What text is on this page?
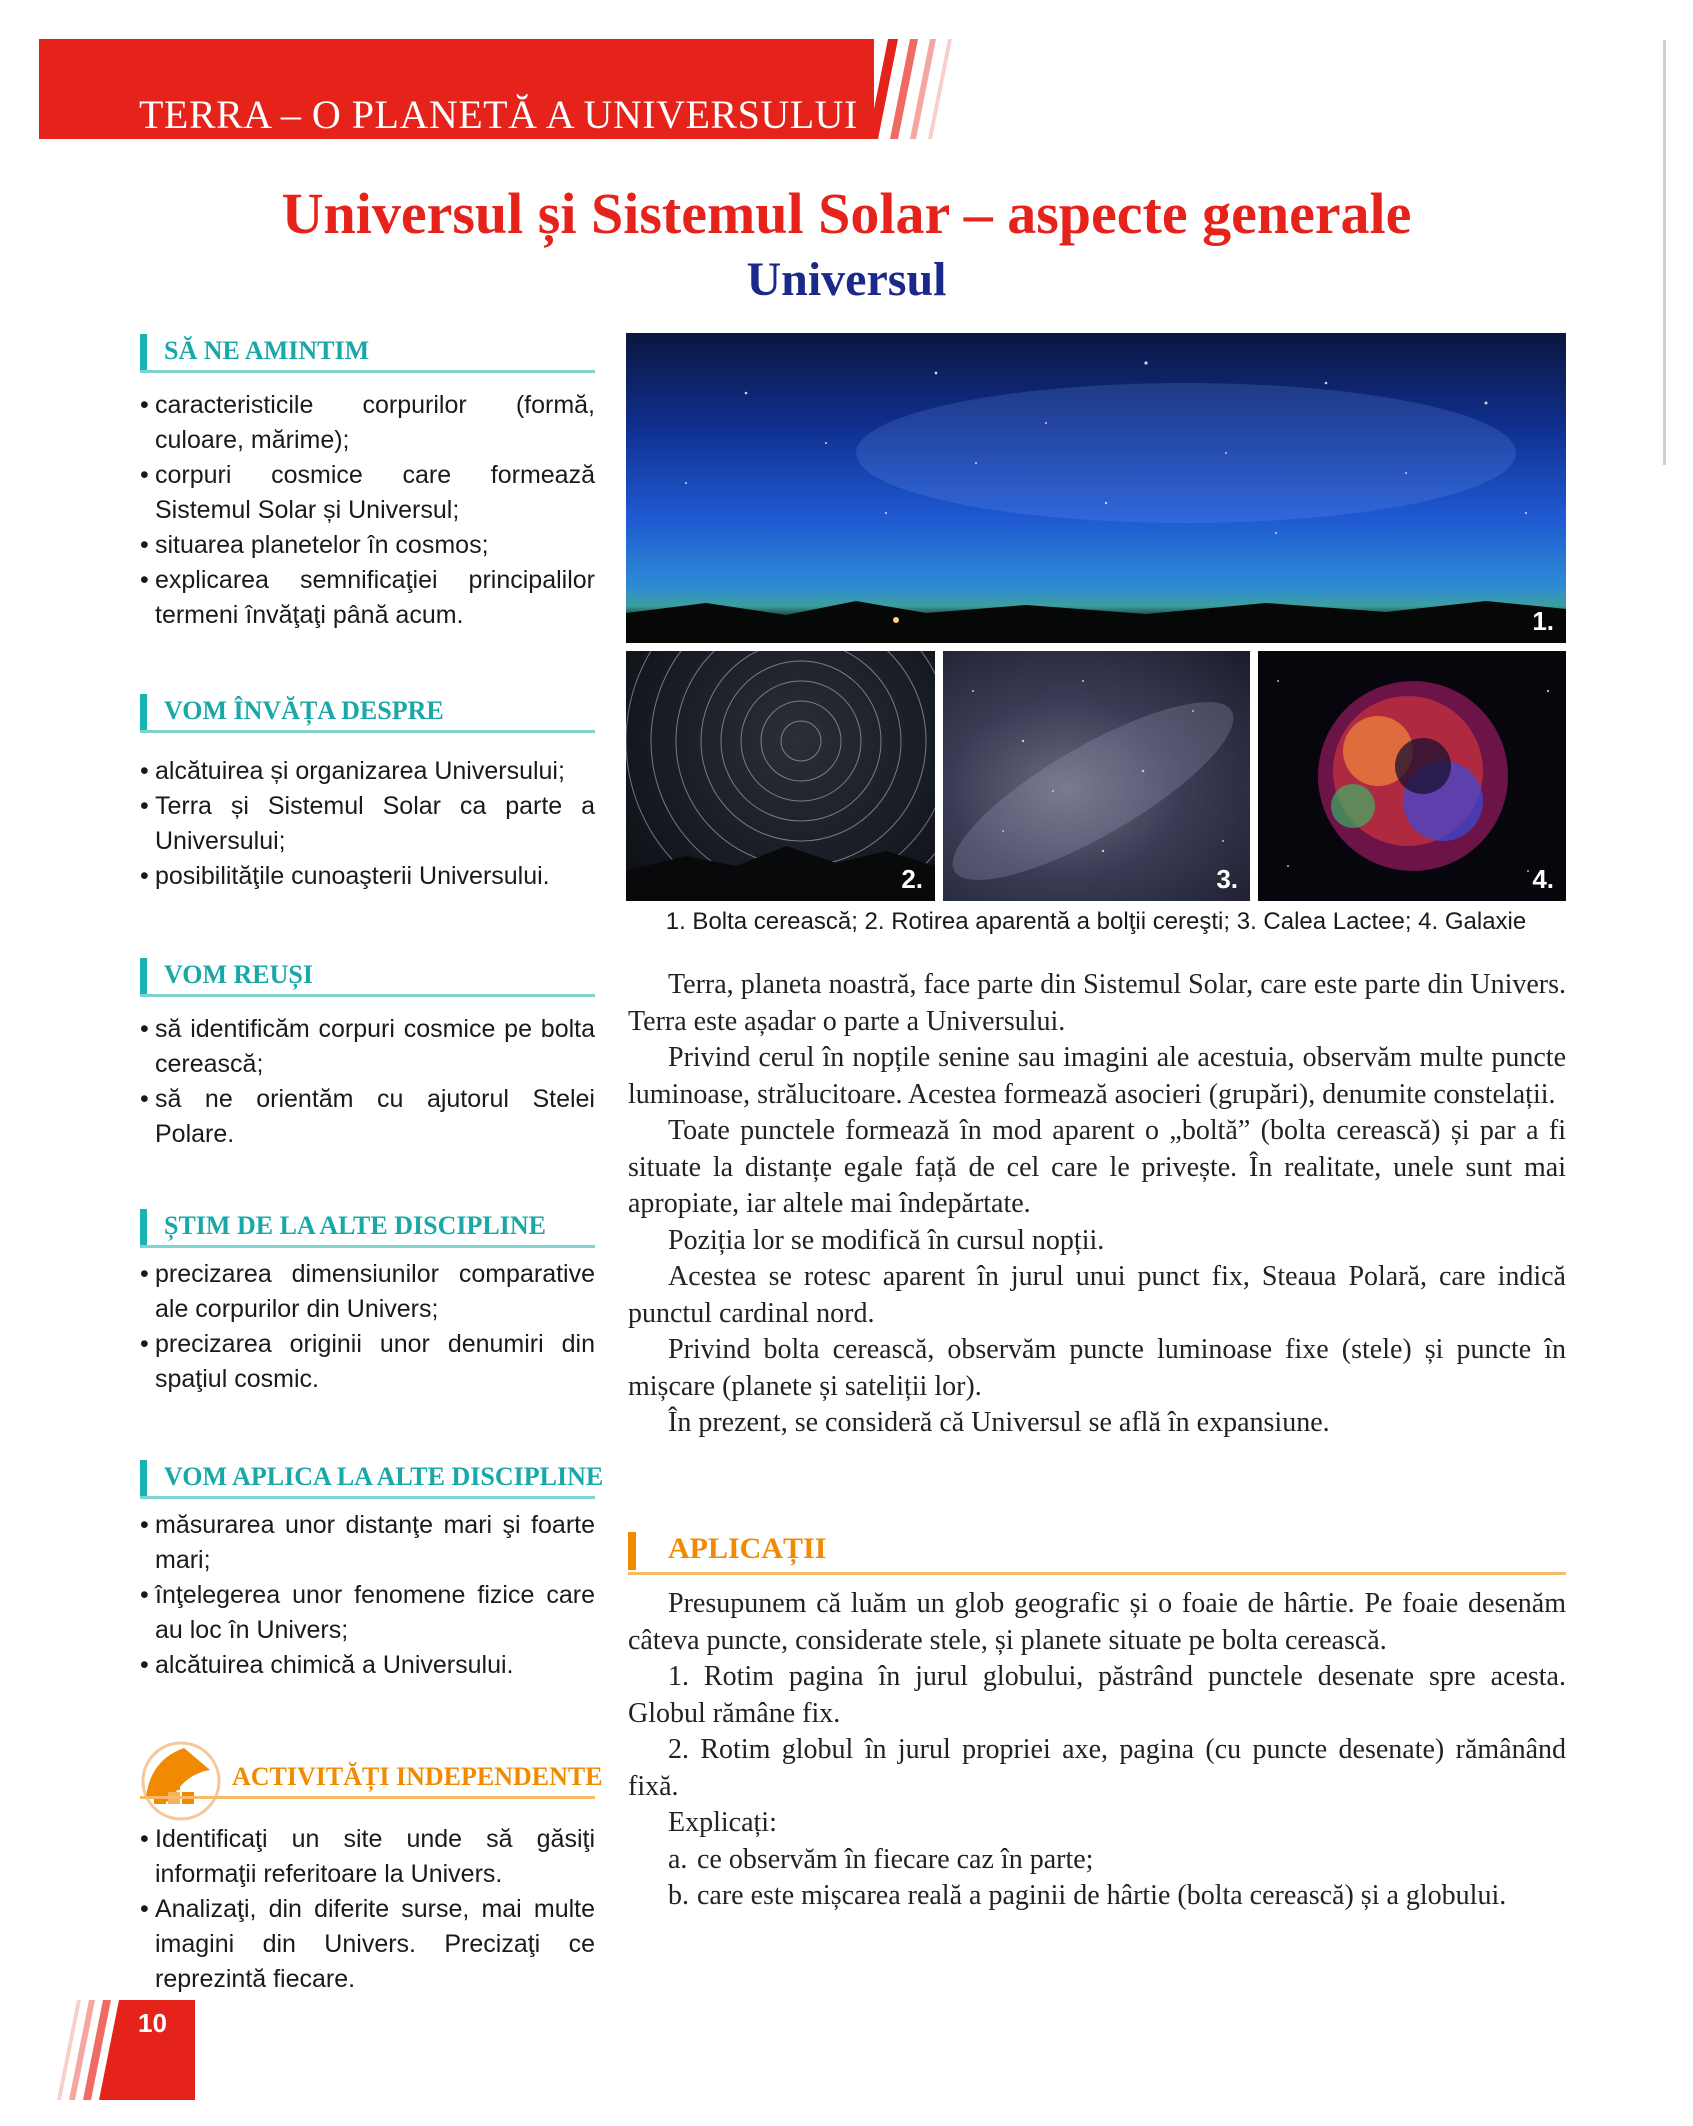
TERRA – O PLANETĂ A UNIVERSULUI
Universul și Sistemul Solar – aspecte generale
Universul
SĂ NE AMINTIM
• caracteristicile corpurilor (formă, culoare, mărime);
• corpuri cosmice care formează Sistemul Solar și Universul;
• situarea planetelor în cosmos;
• explicarea semnificaţiei principalilor termeni învăţaţi până acum.
VOM ÎNVĂȚA DESPRE
• alcătuirea și organizarea Universului;
• Terra și Sistemul Solar ca parte a Universului;
• posibilităţile cunoaşterii Universului.
VOM REUȘI
• să identificăm corpuri cosmice pe bolta cerească;
• să ne orientăm cu ajutorul Stelei Polare.
ȘTIM DE LA ALTE DISCIPLINE
• precizarea dimensiunilor comparative ale corpurilor din Univers;
• precizarea originii unor denumiri din spaţiul cosmic.
VOM APLICA LA ALTE DISCIPLINE
• măsurarea unor distanţe mari şi foarte mari;
• înţelegerea unor fenomene fizice care au loc în Univers;
• alcătuirea chimică a Universului.
ACTIVITĂȚI INDEPENDENTE
• Identificaţi un site unde să găsiţi informaţii referitoare la Univers.
• Analizaţi, din diferite surse, mai multe imagini din Univers. Precizaţi ce reprezintă fiecare.
1.
2.	3.	4.
1. Bolta cerească; 2. Rotirea aparentă a bolţii cereşti; 3. Calea Lactee; 4. Galaxie

Terra, planeta noastră, face parte din Sistemul Solar, care este parte din Univers. Terra este așadar o parte a Universului.

Privind cerul în nopțile senine sau imagini ale acestuia, observăm multe puncte luminoase, strălucitoare. Acestea formează asocieri (grupări), denumite constelații.

Toate punctele formează în mod aparent o „boltă” (bolta cerească) și par a fi situate la distanțe egale față de cel care le privește. În realitate, unele sunt mai apropiate, iar altele mai îndepărtate.

Poziția lor se modifică în cursul nopții.

Acestea se rotesc aparent în jurul unui punct fix, Steaua Polară, care indică punctul cardinal nord.

Privind bolta cerească, observăm puncte luminoase fixe (stele) și puncte în mișcare (planete și sateliții lor).

În prezent, se consideră că Universul se află în expansiune.

APLICAȚII

Presupunem că luăm un glob geografic și o foaie de hârtie. Pe foaie desenăm câteva puncte, considerate stele, și planete situate pe bolta cerească.

1. Rotim pagina în jurul globului, păstrând punctele desenate spre acesta. Globul rămâne fix.

2. Rotim globul în jurul propriei axe, pagina (cu puncte desenate) rămânând fixă.

Explicați:

a. ce observăm în fiecare caz în parte;

b. care este mișcarea reală a paginii de hârtie (bolta cerească) și a globului.

10
